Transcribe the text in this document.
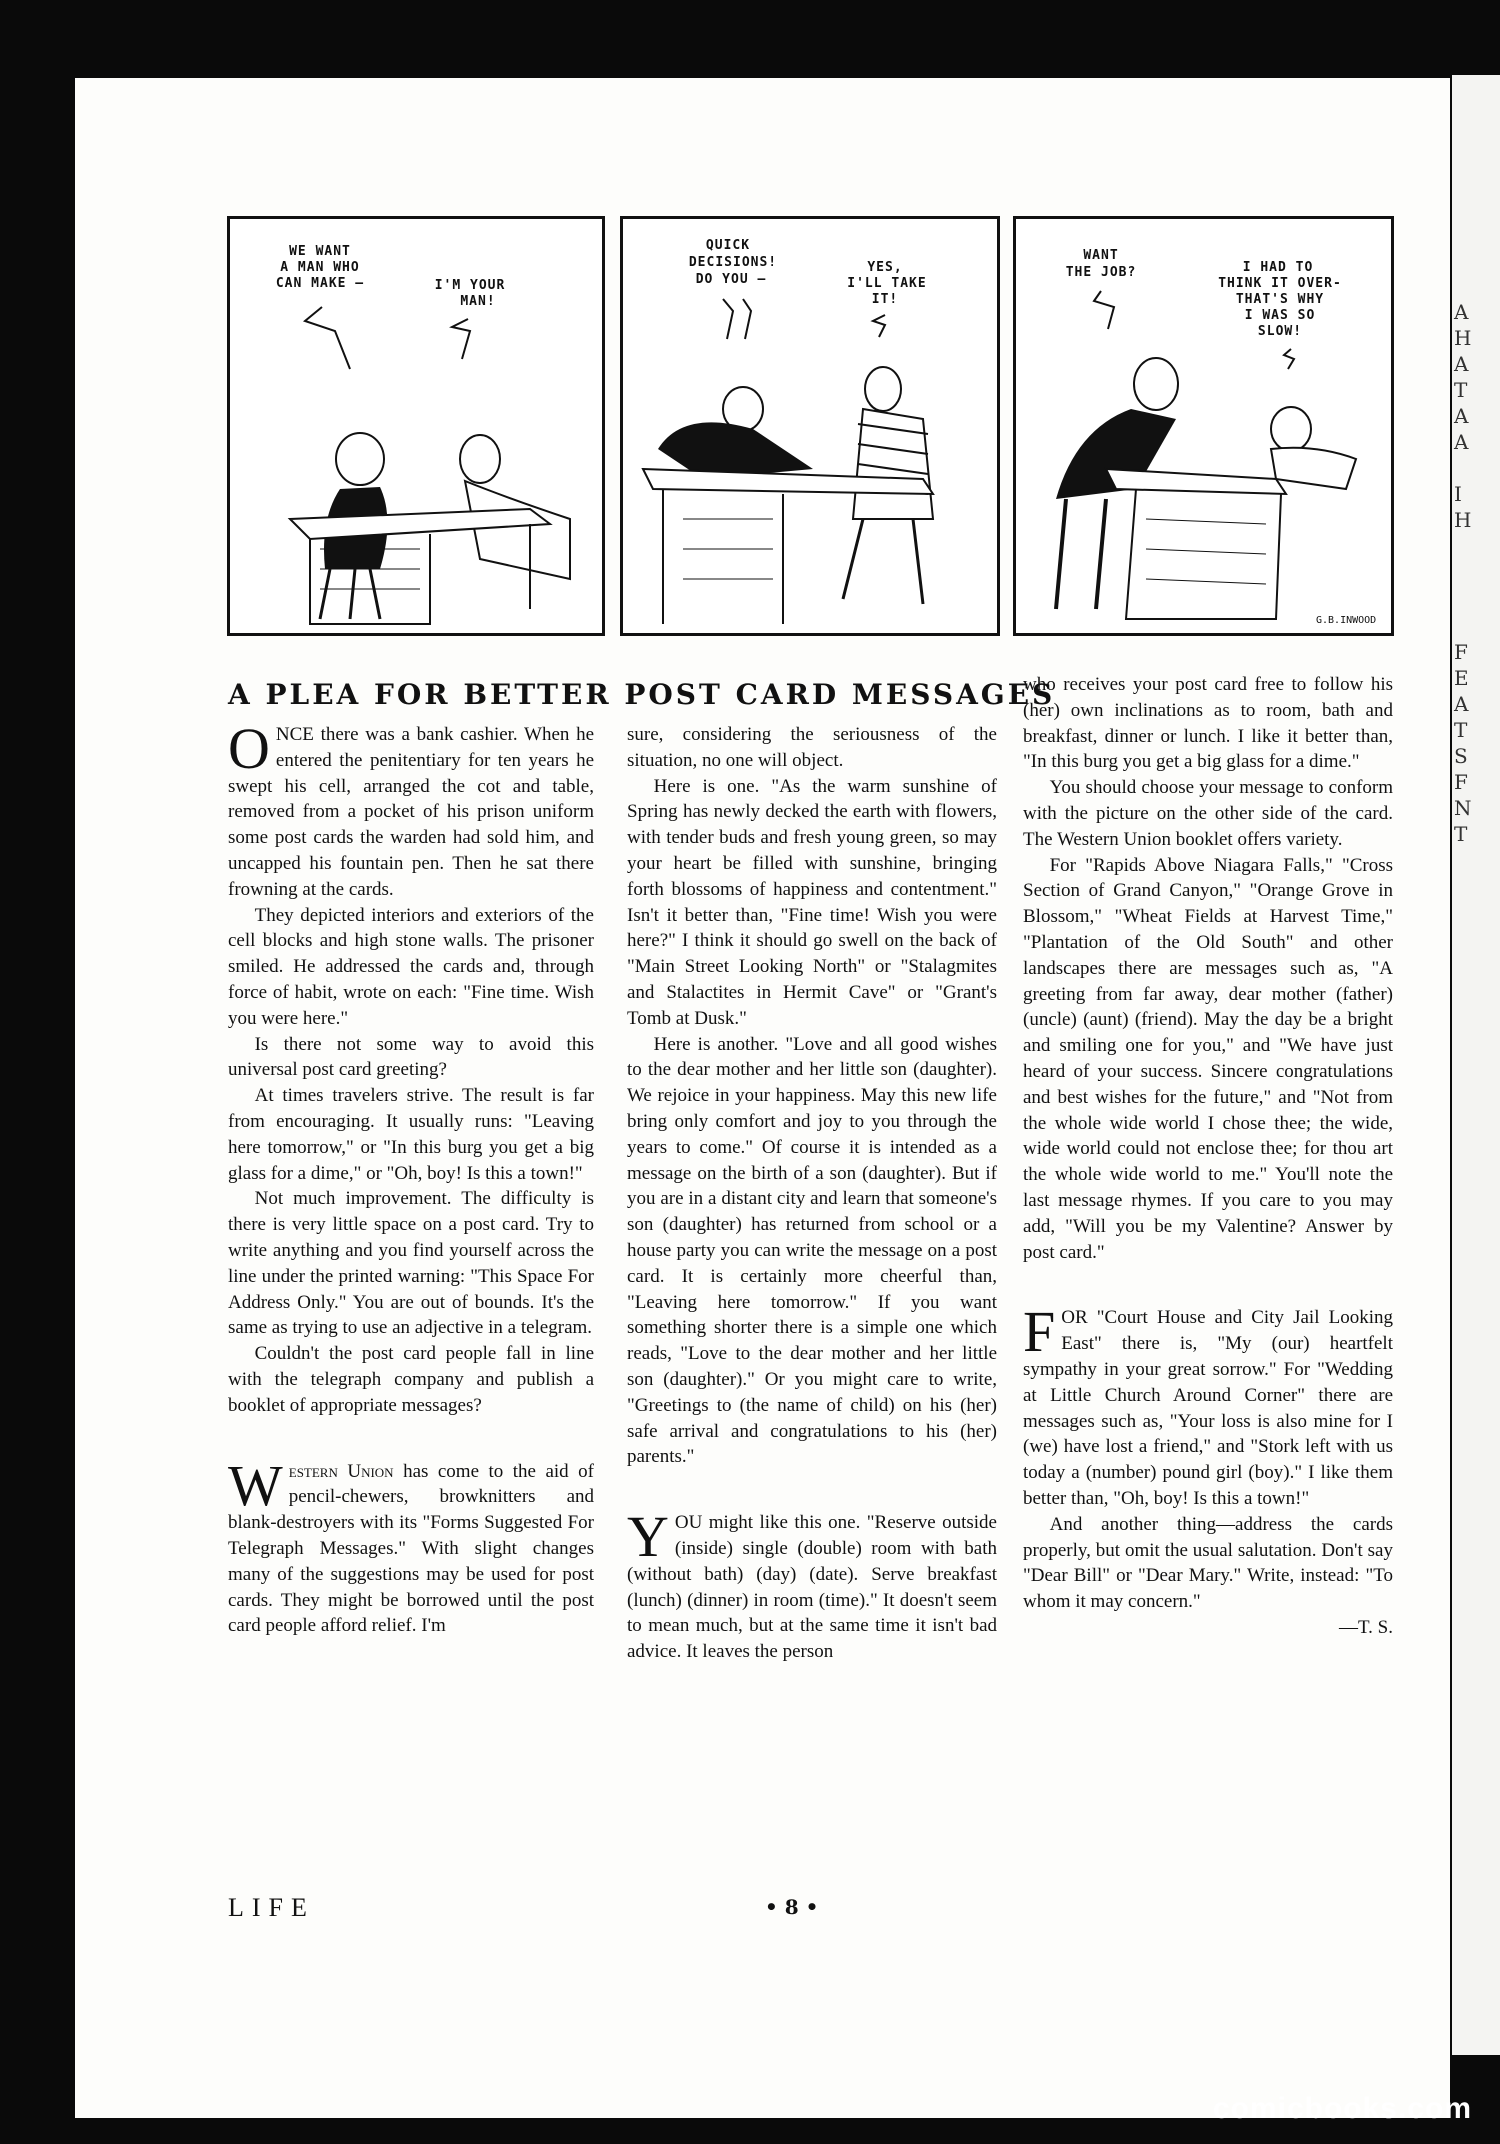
A
H
A
T
A
A
I
H
F
E
A
T
S
F
N
T
WE WANT
A MAN WHO
CAN MAKE —	I'M YOUR
MAN!
QUICK
DECISIONS!
DO YOU —
YES,
I'LL TAKE
IT!
WANT
THE JOB?	I HAD TO
THINK IT OVER-
THAT'S WHY
I WAS SO
SLOW!
G.B.INWOOD
A PLEA FOR BETTER POST CARD MESSAGES

ONCE there was a bank cashier. When he entered the penitentiary for ten years he swept his cell, arranged the cot and table, removed from a pocket of his prison uniform some post cards the warden had sold him, and uncapped his fountain pen. Then he sat there frowning at the cards.

They depicted interiors and exteriors of the cell blocks and high stone walls. The prisoner smiled. He addressed the cards and, through force of habit, wrote on each: "Fine time. Wish you were here."

Is there not some way to avoid this universal post card greeting?

At times travelers strive. The result is far from encouraging. It usually runs: "Leaving here tomorrow," or "In this burg you get a big glass for a dime," or "Oh, boy! Is this a town!"

Not much improvement. The difficulty is there is very little space on a post card. Try to write anything and you find yourself across the line under the printed warning: "This Space For Address Only." You are out of bounds. It's the same as trying to use an adjective in a telegram.

Couldn't the post card people fall in line with the telegraph company and publish a booklet of appropriate messages?

Western Union has come to the aid of pencil-chewers, browknitters and blank-destroyers with its "Forms Suggested For Telegraph Messages." With slight changes many of the suggestions may be used for post cards. They might be borrowed until the post card people afford relief. I'm

sure, considering the seriousness of the situation, no one will object.

Here is one. "As the warm sunshine of Spring has newly decked the earth with flowers, with tender buds and fresh young green, so may your heart be filled with sunshine, bringing forth blossoms of happiness and contentment." Isn't it better than, "Fine time! Wish you were here?" I think it should go swell on the back of "Main Street Looking North" or "Stalagmites and Stalactites in Hermit Cave" or "Grant's Tomb at Dusk."

Here is another. "Love and all good wishes to the dear mother and her little son (daughter). We rejoice in your happiness. May this new life bring only comfort and joy to you through the years to come." Of course it is intended as a message on the birth of a son (daughter). But if you are in a distant city and learn that someone's son (daughter) has returned from school or a house party you can write the message on a post card. It is certainly more cheerful than, "Leaving here tomorrow." If you want something shorter there is a simple one which reads, "Love to the dear mother and her little son (daughter)." Or you might care to write, "Greetings to (the name of child) on his (her) safe arrival and congratulations to his (her) parents."

YOU might like this one. "Reserve outside (inside) single (double) room with bath (without bath) (day) (date). Serve breakfast (lunch) (dinner) in room (time)." It doesn't seem to mean much, but at the same time it isn't bad advice. It leaves the person

who receives your post card free to follow his (her) own inclinations as to room, bath and breakfast, dinner or lunch. I like it better than, "In this burg you get a big glass for a dime."

You should choose your message to conform with the picture on the other side of the card. The Western Union booklet offers variety.

For "Rapids Above Niagara Falls," "Cross Section of Grand Canyon," "Orange Grove in Blossom," "Wheat Fields at Harvest Time," "Plantation of the Old South" and other landscapes there are messages such as, "A greeting from far away, dear mother (father) (uncle) (aunt) (friend). May the day be a bright and smiling one for you," and "We have just heard of your success. Sincere congratulations and best wishes for the future," and "Not from the whole wide world I chose thee; the wide, wide world could not enclose thee; for thou art the whole wide world to me." You'll note the last message rhymes. If you care to you may add, "Will you be my Valentine? Answer by post card."

FOR "Court House and City Jail Looking East" there is, "My (our) heartfelt sympathy in your great sorrow." For "Wedding at Little Church Around Corner" there are messages such as, "Your loss is also mine for I (we) have lost a friend," and "Stork left with us today a (number) pound girl (boy)." I like them better than, "Oh, boy! Is this a town!"

And another thing—address the cards properly, but omit the usual salutation. Don't say "Dear Bill" or "Dear Mary." Write, instead: "To whom it may concern."

—T. S.

LIFE	• 8 •
comicbooks.com
